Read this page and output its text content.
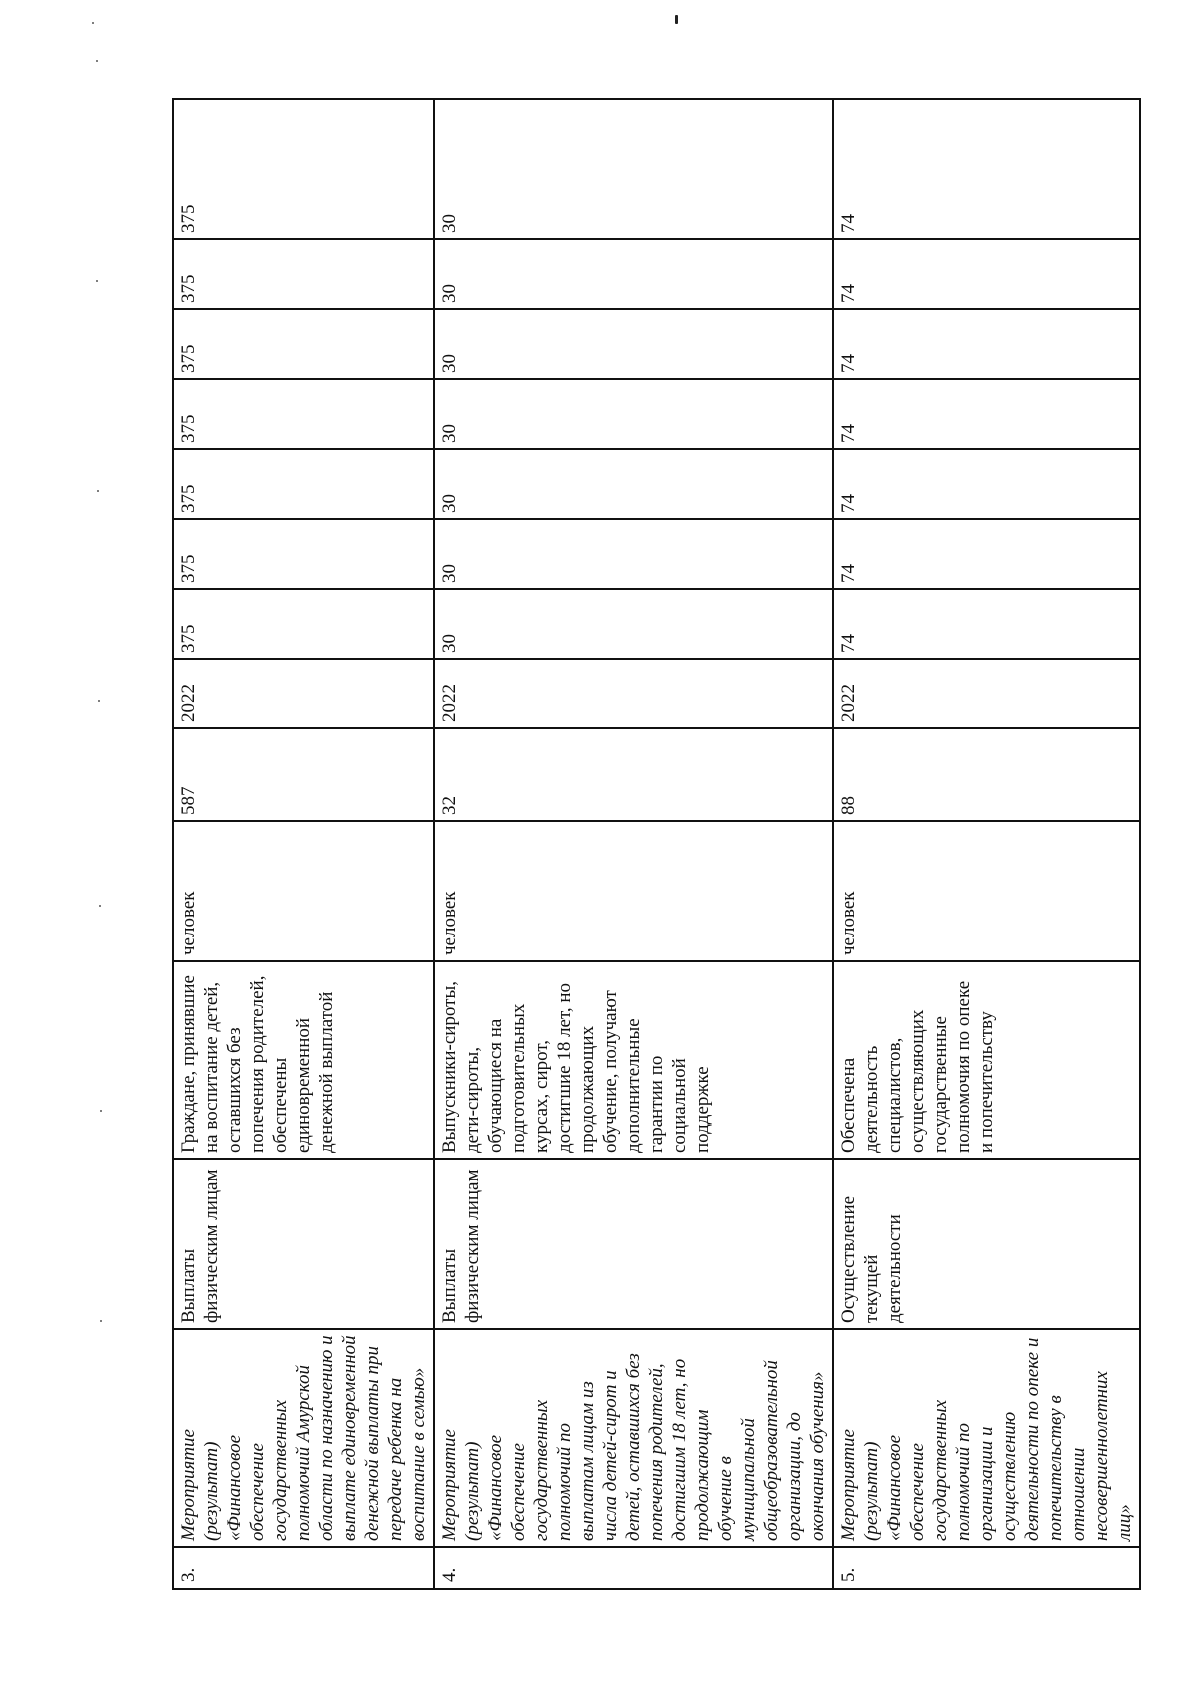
3.	Мероприятие (результат) «Финансовое обеспечение государственных полномочий Амурской области по назначению и выплате единовременной денежной выплаты при передаче ребенка на воспитание в семью»	Выплаты физическим лицам	Граждане, принявшие на воспитание детей, оставшихся без попечения родителей, обеспечены единовременной денежной выплатой	человек	587	2022	375	375	375	375	375	375	375
4.	Мероприятие (результат) «Финансовое обеспечение государственных полномочий по выплатам лицам из числа детей-сирот и детей, оставшихся без попечения родителей, достигшим 18 лет, но продолжающим обучение в муниципальной общеобразовательной организации, до окончания обучения»	Выплаты физическим лицам	Выпускники-сироты, дети-сироты, обучающиеся на подготовительных курсах, сирот, достигшие 18 лет, но продолжающих обучение, получают дополнительные гарантии по социальной поддержке	человек	32	2022	30	30	30	30	30	30	30
5.	Мероприятие (результат) «Финансовое обеспечение государственных полномочий по организации и осуществлению деятельности по опеке и попечительству в отношении несовершеннолетних лиц»	Осуществление текущей деятельности	Обеспечена деятельность специалистов, осуществляющих государственные полномочия по опеке и попечительству	человек	88	2022	74	74	74	74	74	74	74
